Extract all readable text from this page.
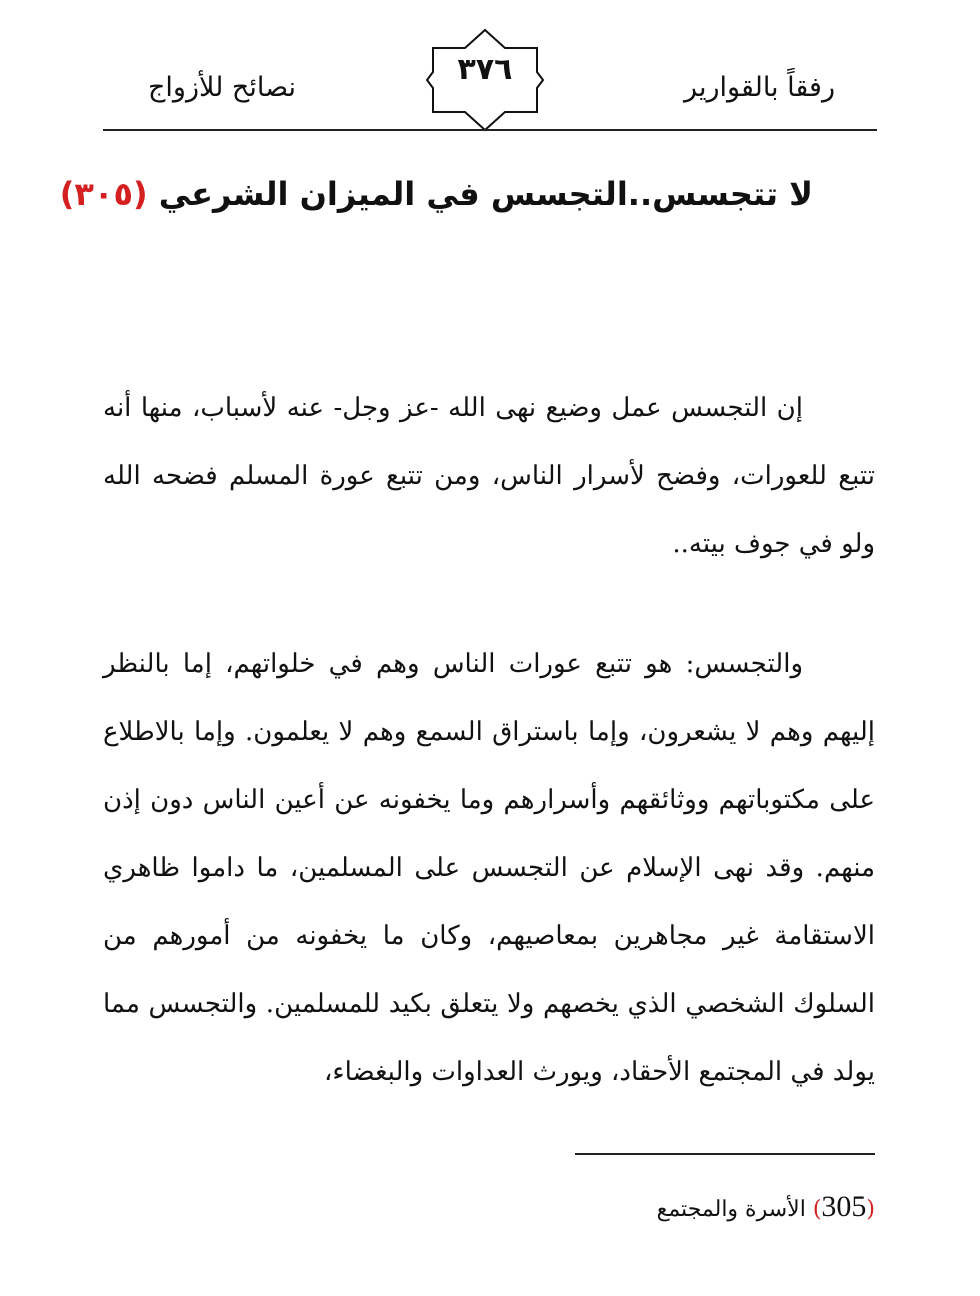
رفقاً بالقوارير
٣٧٦
نصائح للأزواج
لا تتجسس..التجسس في الميزان الشرعي (٣٠٥)

إن التجسس عمل وضيع نهى الله -عز وجل- عنه لأسباب، منها أنه تتبع للعورات، وفضح لأسرار الناس، ومن تتبع عورة المسلم فضحه الله ولو في جوف بيته..

والتجسس: هو تتبع عورات الناس وهم في خلواتهم، إما بالنظر إليهم وهم لا يشعرون، وإما باستراق السمع وهم لا يعلمون. وإما بالاطلاع على مكتوباتهم ووثائقهم وأسرارهم وما يخفونه عن أعين الناس دون إذن منهم. وقد نهى الإسلام عن التجسس على المسلمين، ما داموا ظاهري الاستقامة غير مجاهرين بمعاصيهم، وكان ما يخفونه من أمورهم من السلوك الشخصي الذي يخصهم ولا يتعلق بكيد للمسلمين. والتجسس مما يولد في المجتمع الأحقاد، ويورث العداوات والبغضاء،

(305) الأسرة والمجتمع
